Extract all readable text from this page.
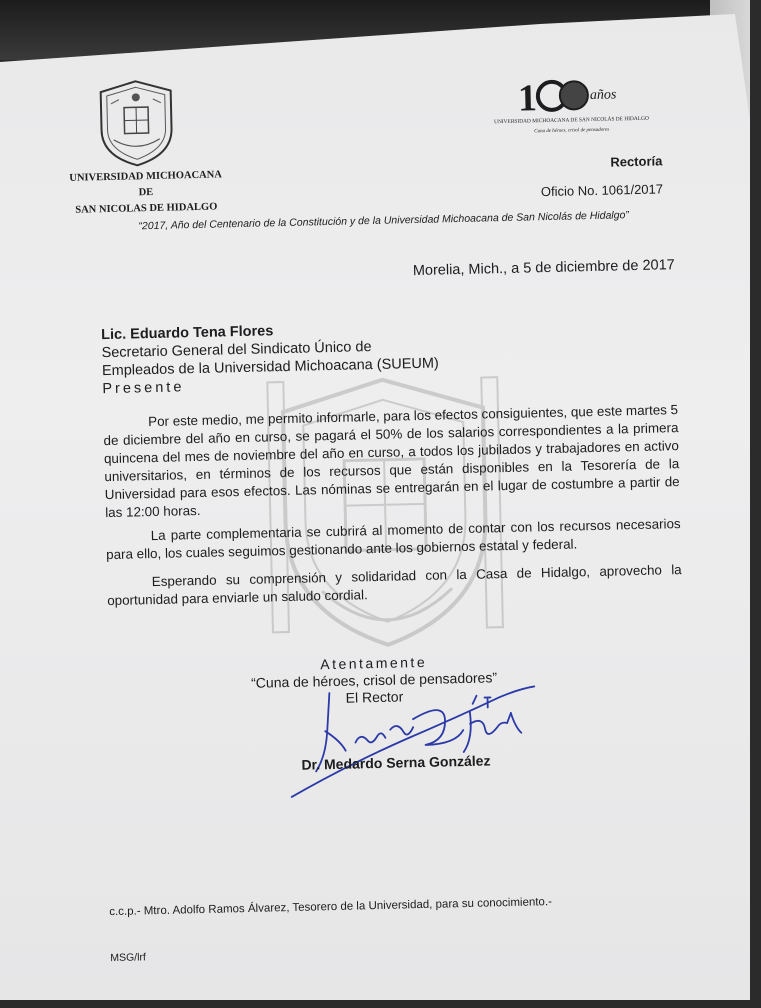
UNIVERSIDAD MICHOACANA
DE
SAN NICOLAS DE HIDALGO
1	años
UNIVERSIDAD MICHOACANA DE SAN NICOLÁS DE HIDALGO
Cuna de héroes, crisol de pensadores
Rectoría
Oficio No. 1061/2017
“2017, Año del Centenario de la Constitución y de la Universidad Michoacana de San Nicolás de Hidalgo”
Morelia, Mich., a 5 de diciembre de 2017
Lic. Eduardo Tena Flores
Secretario General del Sindicato Único de
Empleados de la Universidad Michoacana (SUEUM)
Presente

Por este medio, me permito informarle, para los efectos consiguientes, que este martes 5 de diciembre del año en curso, se pagará el 50% de los salarios correspondientes a la primera quincena del mes de noviembre del año en curso, a todos los jubilados y trabajadores en activo universitarios, en términos de los recursos que están disponibles en la Tesorería de la Universidad para esos efectos. Las nóminas se entregarán en el lugar de costumbre a partir de las 12:00 horas.

La parte complementaria se cubrirá al momento de contar con los recursos necesarios para ello, los cuales seguimos gestionando ante los gobiernos estatal y federal.

Esperando su comprensión y solidaridad con la Casa de Hidalgo, aprovecho la oportunidad para enviarle un saludo cordial.

Atentamente
“Cuna de héroes, crisol de pensadores”
El Rector
Dr. Medardo Serna González
c.c.p.- Mtro. Adolfo Ramos Álvarez, Tesorero de la Universidad, para su conocimiento.-
MSG/lrf
